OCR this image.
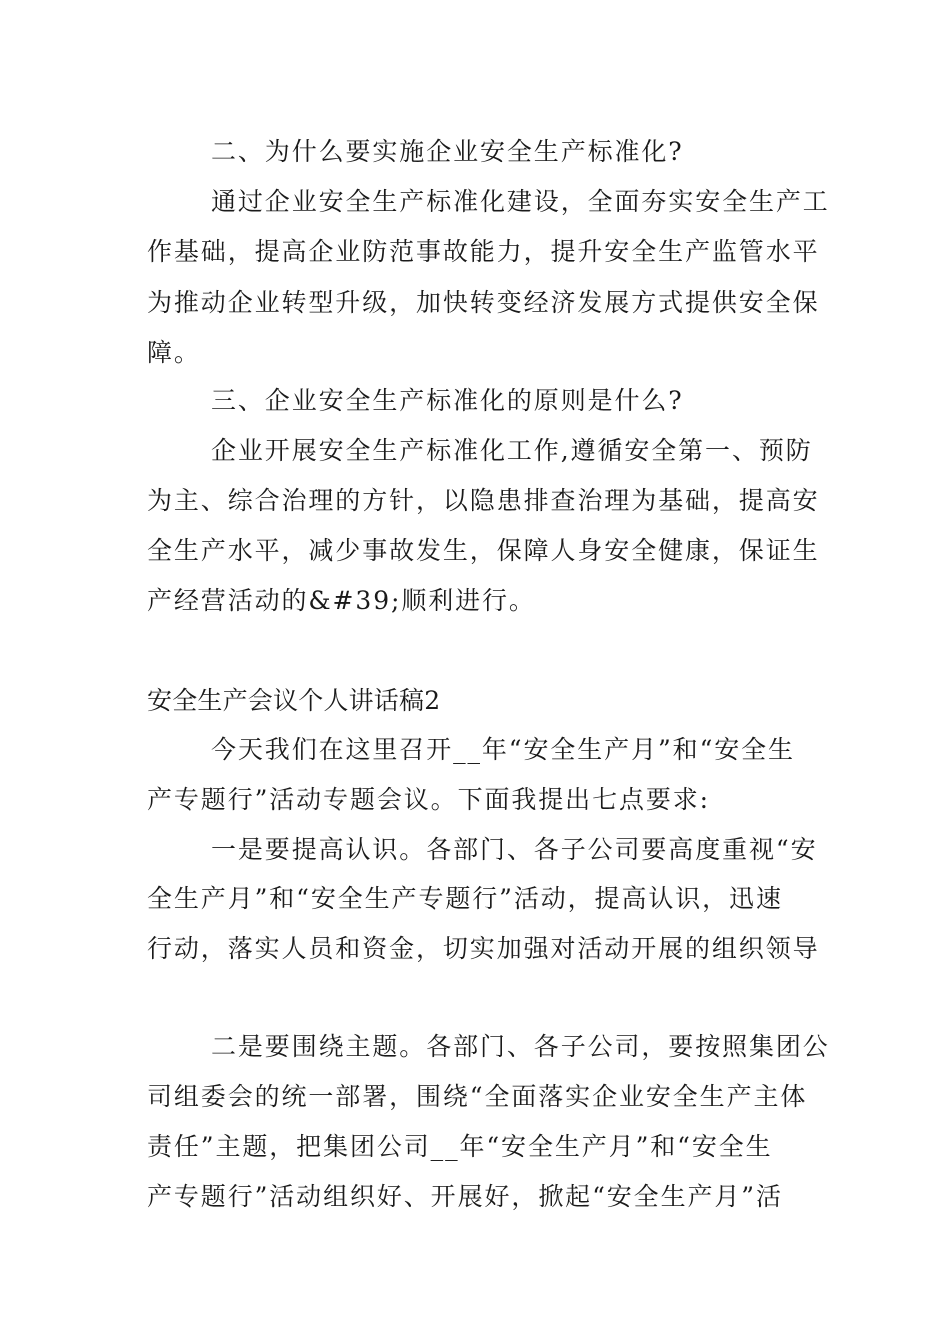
二、为什么要实施企业安全生产标准化?
通过企业安全生产标准化建设，全面夯实安全生产工
作基础，提高企业防范事故能力，提升安全生产监管水平
为推动企业转型升级，加快转变经济发展方式提供安全保
障。
三、企业安全生产标准化的原则是什么?
企业开展安全生产标准化工作,遵循安全第一、预防
为主、综合治理的方针，以隐患排查治理为基础，提高安
全生产水平，减少事故发生，保障人身安全健康，保证生
产经营活动的&#39;顺利进行。
安全生产会议个人讲话稿2
今天我们在这里召开__年“安全生产月”和“安全生
产专题行”活动专题会议。下面我提出七点要求:
一是要提高认识。各部门、各子公司要高度重视“安
全生产月”和“安全生产专题行”活动，提高认识，迅速
行动，落实人员和资金，切实加强对活动开展的组织领导
二是要围绕主题。各部门、各子公司，要按照集团公
司组委会的统一部署，围绕“全面落实企业安全生产主体
责任”主题，把集团公司__年“安全生产月”和“安全生
产专题行”活动组织好、开展好，掀起“安全生产月”活
